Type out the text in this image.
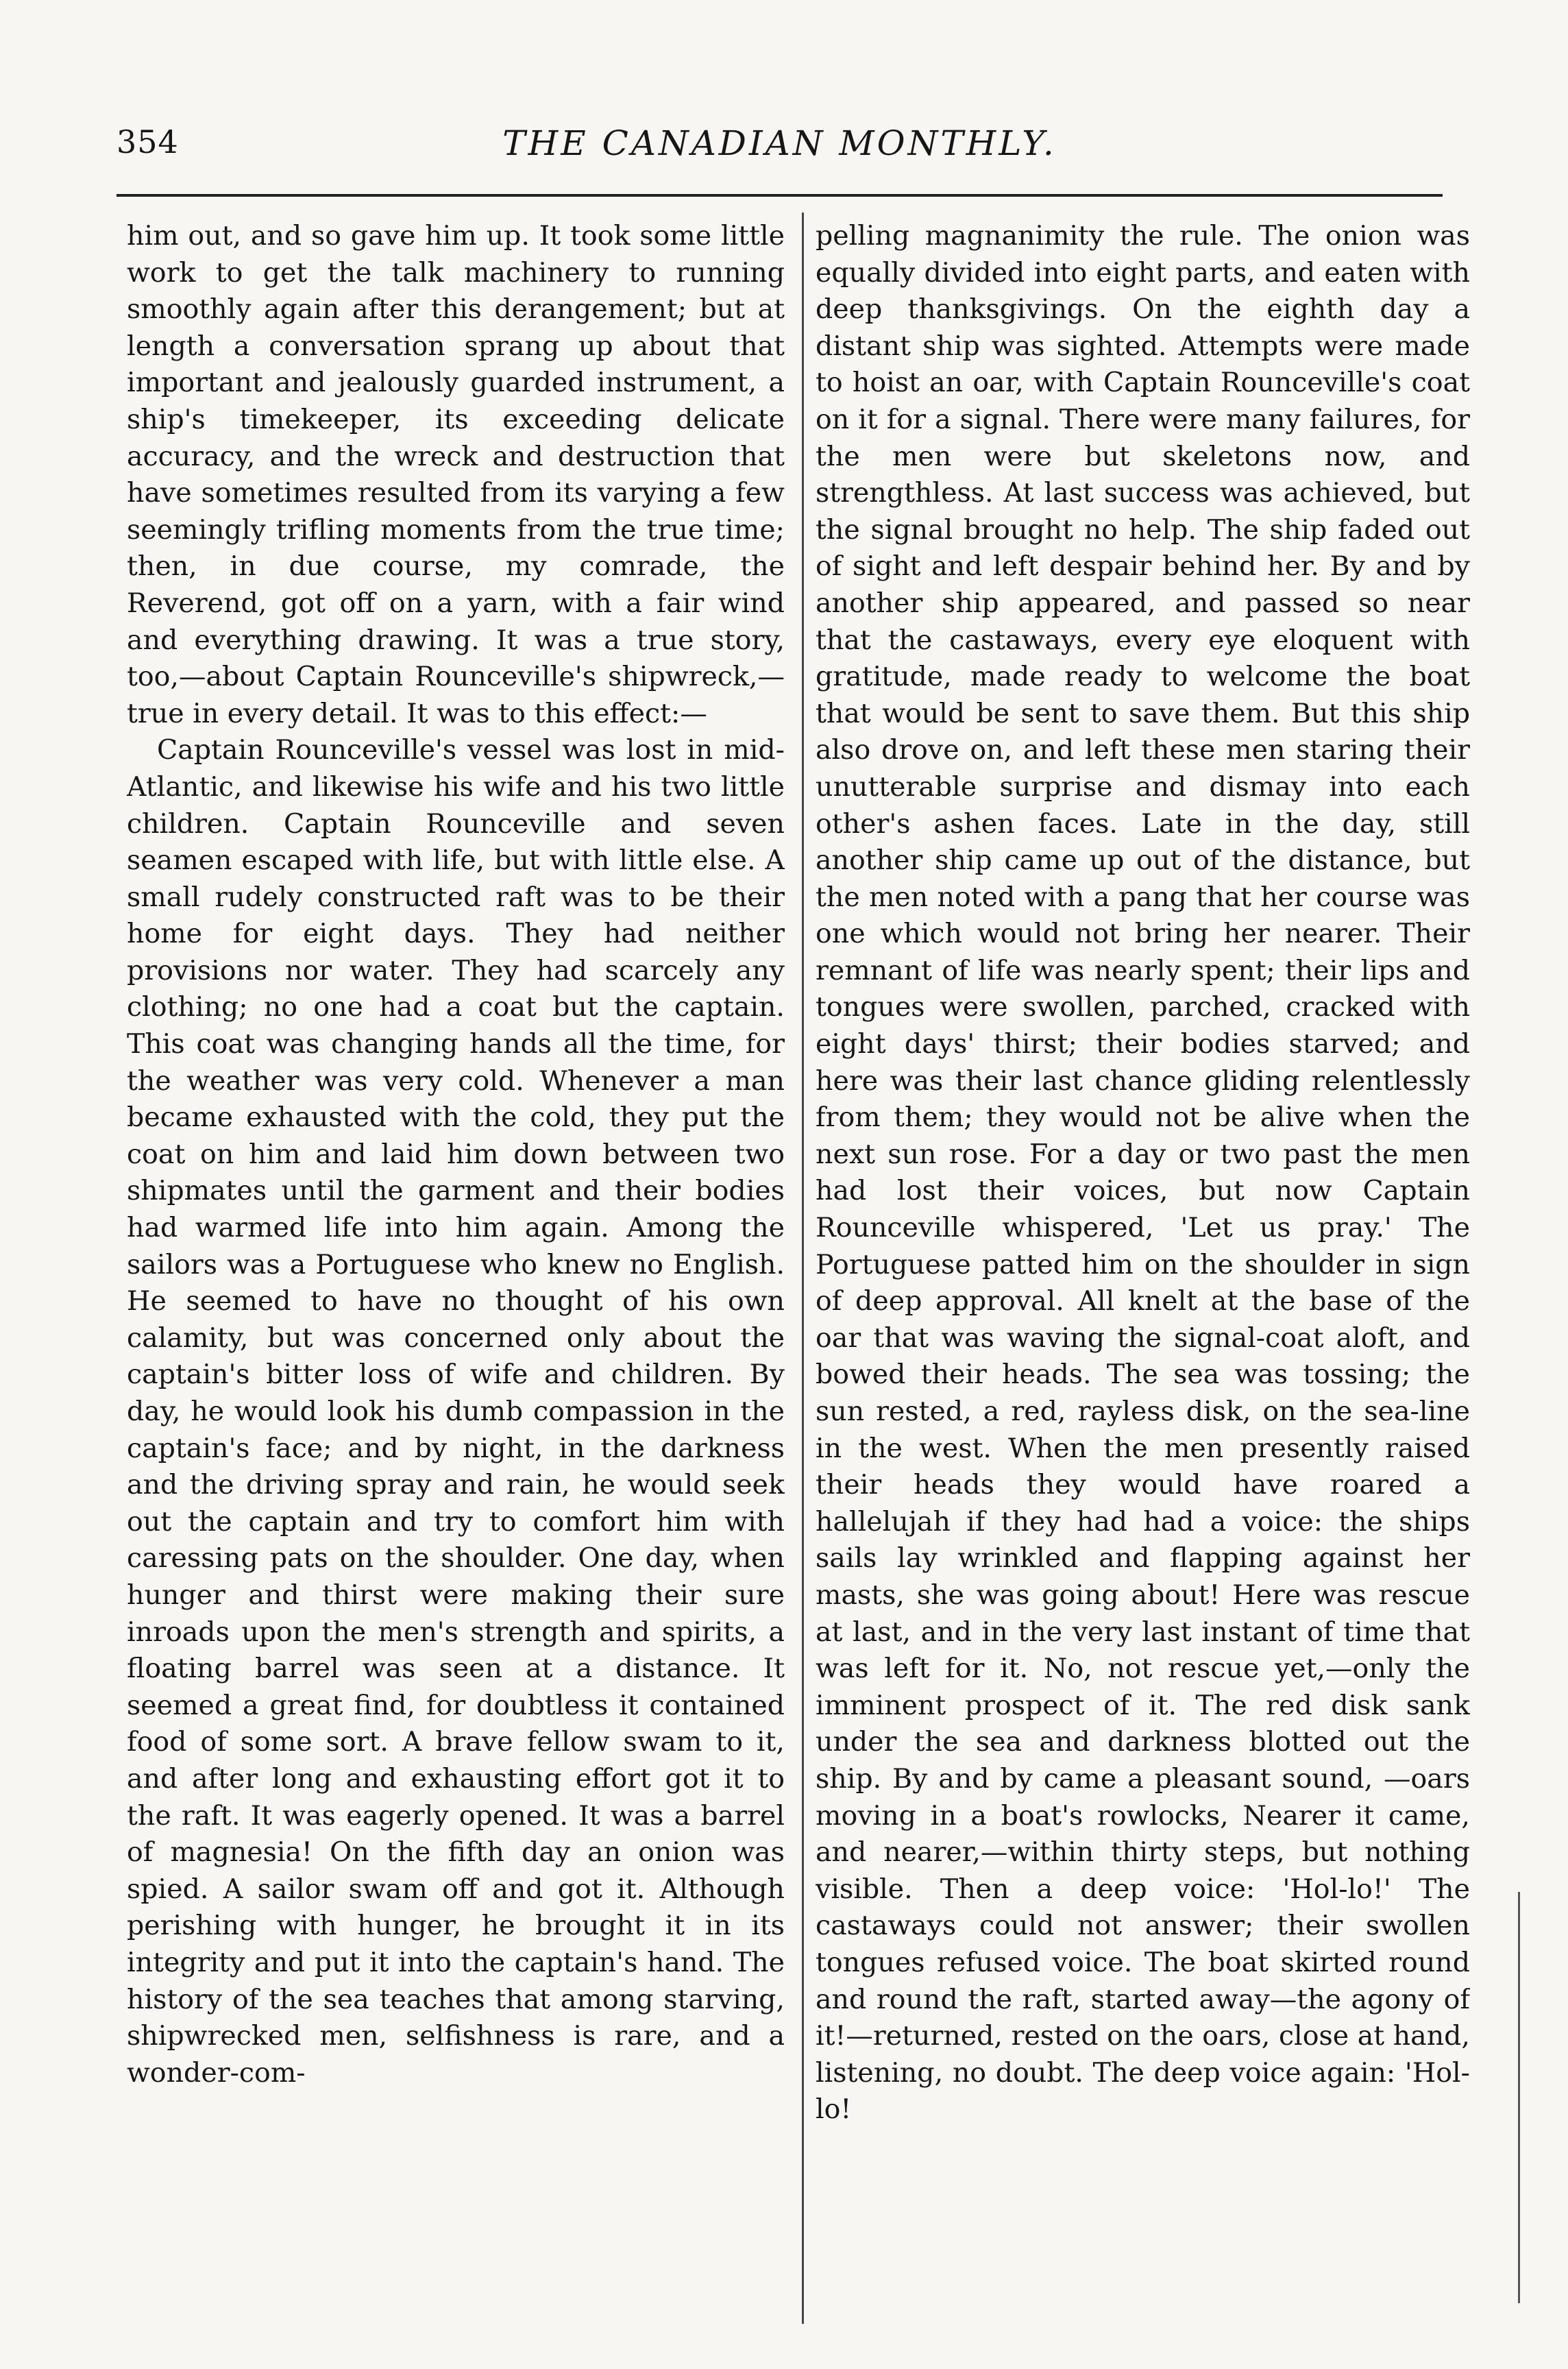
354	THE CANADIAN MONTHLY.

him out, and so gave him up. It took some little work to get the talk machinery to running smoothly again after this derangement; but at length a conversation sprang up about that important and jealously guarded instrument, a ship's timekeeper, its exceeding delicate accuracy, and the wreck and destruction that have sometimes resulted from its varying a few seemingly trifling moments from the true time; then, in due course, my comrade, the Reverend, got off on a yarn, with a fair wind and everything drawing. It was a true story, too,—about Captain Rounceville's shipwreck,—true in every detail. It was to this effect:—

Captain Rounceville's vessel was lost in mid-Atlantic, and likewise his wife and his two little children. Captain Rounceville and seven seamen escaped with life, but with little else. A small rudely constructed raft was to be their home for eight days. They had neither provisions nor water. They had scarcely any clothing; no one had a coat but the captain. This coat was changing hands all the time, for the weather was very cold. Whenever a man became exhausted with the cold, they put the coat on him and laid him down between two shipmates until the garment and their bodies had warmed life into him again. Among the sailors was a Portuguese who knew no English. He seemed to have no thought of his own calamity, but was concerned only about the captain's bitter loss of wife and children. By day, he would look his dumb compassion in the captain's face; and by night, in the darkness and the driving spray and rain, he would seek out the captain and try to comfort him with caressing pats on the shoulder. One day, when hunger and thirst were making their sure inroads upon the men's strength and spirits, a floating barrel was seen at a distance. It seemed a great find, for doubtless it contained food of some sort. A brave fellow swam to it, and after long and exhausting effort got it to the raft. It was eagerly opened. It was a barrel of magnesia! On the fifth day an onion was spied. A sailor swam off and got it. Although perishing with hunger, he brought it in its integrity and put it into the captain's hand. The history of the sea teaches that among starving, shipwrecked men, selfishness is rare, and a wonder-com-

pelling magnanimity the rule. The onion was equally divided into eight parts, and eaten with deep thanksgivings. On the eighth day a distant ship was sighted. Attempts were made to hoist an oar, with Captain Rounceville's coat on it for a signal. There were many failures, for the men were but skeletons now, and strengthless. At last success was achieved, but the signal brought no help. The ship faded out of sight and left despair behind her. By and by another ship appeared, and passed so near that the castaways, every eye eloquent with gratitude, made ready to welcome the boat that would be sent to save them. But this ship also drove on, and left these men staring their unutterable surprise and dismay into each other's ashen faces. Late in the day, still another ship came up out of the distance, but the men noted with a pang that her course was one which would not bring her nearer. Their remnant of life was nearly spent; their lips and tongues were swollen, parched, cracked with eight days' thirst; their bodies starved; and here was their last chance gliding relentlessly from them; they would not be alive when the next sun rose. For a day or two past the men had lost their voices, but now Captain Rounceville whispered, 'Let us pray.' The Portuguese patted him on the shoulder in sign of deep approval. All knelt at the base of the oar that was waving the signal-coat aloft, and bowed their heads. The sea was tossing; the sun rested, a red, rayless disk, on the sea-line in the west. When the men presently raised their heads they would have roared a hallelujah if they had had a voice: the ships sails lay wrinkled and flapping against her masts, she was going about! Here was rescue at last, and in the very last instant of time that was left for it. No, not rescue yet,—only the imminent prospect of it. The red disk sank under the sea and darkness blotted out the ship. By and by came a pleasant sound, —oars moving in a boat's rowlocks, Nearer it came, and nearer,—within thirty steps, but nothing visible. Then a deep voice: 'Hol-lo!' The castaways could not answer; their swollen tongues refused voice. The boat skirted round and round the raft, started away—the agony of it!—returned, rested on the oars, close at hand, listening, no doubt. The deep voice again: 'Hol-lo!
